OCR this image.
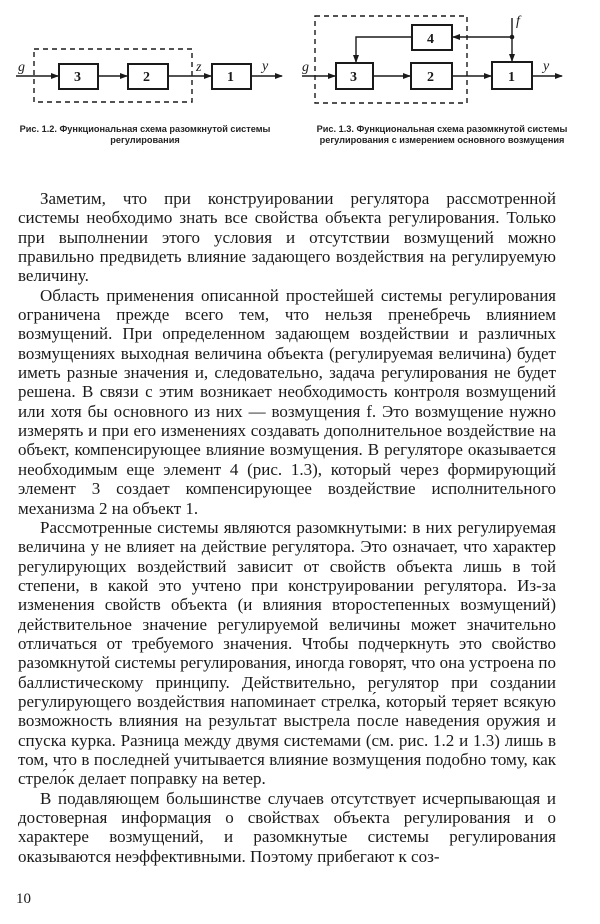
g
3	2
z
1
y g
3	2
4
1
y
f
Рис. 1.2. Функциональная схема разомкнутой системы регулирования
Рис. 1.3. Функциональная схема разомкнутой системы регулирования с измерением основного возмущения

Заметим, что при конструировании регулятора рассмотренной системы необходимо знать все свойства объекта регулирования. Только при выполнении этого условия и отсутствии возмущений можно правильно предвидеть влияние задающего воздействия на регулируемую величину.

Область применения описанной простейшей системы регулирования ограничена прежде всего тем, что нельзя пренебречь влиянием возмущений. При определенном задающем воздействии и различных возмущениях выходная величина объекта (регулируемая величина) будет иметь разные значения и, следовательно, задача регулирования не будет решена. В связи с этим возникает необходимость контроля возмущений или хотя бы основного из них — возмущения f. Это возмущение нужно измерять и при его изменениях создавать дополнительное воздействие на объект, компенсирующее влияние возмущения. В регуляторе оказывается необходимым еще элемент 4 (рис. 1.3), который через формирующий элемент 3 создает компенсирующее воздействие исполнительного механизма 2 на объект 1.

Рассмотренные системы являются разомкнутыми: в них регулируемая величина y не влияет на действие регулятора. Это означает, что характер регулирующих воздействий зависит от свойств объекта лишь в той степени, в какой это учтено при конструировании регулятора. Из-за изменения свойств объекта (и влияния второстепенных возмущений) действительное значение регулируемой величины может значительно отличаться от требуемого значения. Чтобы подчеркнуть это свойство разомкнутой системы регулирования, иногда говорят, что она устроена по баллистическому принципу. Действительно, регулятор при создании регулирующего воздействия напоминает стрелка́, который теряет всякую возможность влияния на результат выстрела после наведения оружия и спуска курка. Разница между двумя системами (см. рис. 1.2 и 1.3) лишь в том, что в последней учитывается влияние возмущения подобно тому, как стрело́к делает поправку на ветер.

В подавляющем большинстве случаев отсутствует исчерпывающая и достоверная информация о свойствах объекта регулирования и о характере возмущений, и разомкнутые системы регулирования оказываются неэффективными. Поэтому прибегают к соз-

10
